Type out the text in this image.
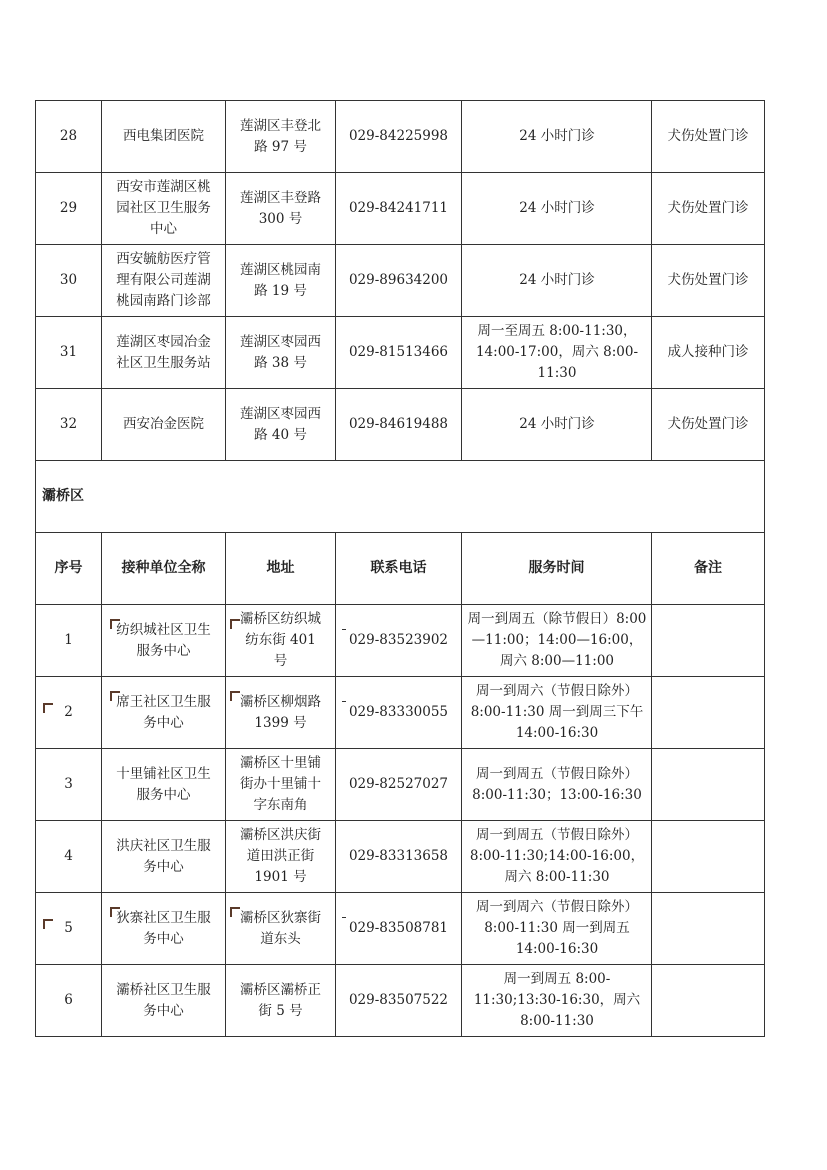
28	西电集团医院	莲湖区丰登北路 97 号	029-84225998	24 小时门诊	犬伤处置门诊
29	西安市莲湖区桃园社区卫生服务中心	莲湖区丰登路 300 号	029-84241711	24 小时门诊	犬伤处置门诊
30	西安毓舫医疗管理有限公司莲湖桃园南路门诊部	莲湖区桃园南路 19 号	029-89634200	24 小时门诊	犬伤处置门诊
31	莲湖区枣园冶金社区卫生服务站	莲湖区枣园西路 38 号	029-81513466	周一至周五 8:00-11:30，14:00-17:00，周六 8:00-11:30	成人接种门诊
32	西安冶金医院	莲湖区枣园西路 40 号	029-84619488	24 小时门诊	犬伤处置门诊
灞桥区					
序号	接种单位全称	地址	联系电话	服务时间	备注
1	纺织城社区卫生服务中心	灞桥区纺织城纺东街 401 号	029-83523902	周一到周五（除节假日）8:00—11:00；14:00—16:00，周六 8:00—11:00	

2	席王社区卫生服务中心	灞桥区柳烟路 1399 号	029-83330055	周一到周六（节假日除外）8:00-11:30 周一到周三下午 14:00-16:30	

3	十里铺社区卫生服务中心	灞桥区十里铺街办十里铺十字东南角	029-82527027	周一到周五（节假日除外）8:00-11:30；13:00-16:30	

4	洪庆社区卫生服务中心	灞桥区洪庆街道田洪正街 1901 号	029-83313658	周一到周五（节假日除外）8:00-11:30;14:00-16:00，周六 8:00-11:30	

5	狄寨社区卫生服务中心	灞桥区狄寨街道东头	029-83508781	周一到周六（节假日除外）8:00-11:30 周一到周五 14:00-16:30	

6	灞桥社区卫生服务中心	灞桥区灞桥正街 5 号	029-83507522	周一到周五 8:00-11:30;13:30-16:30，周六 8:00-11:30	
